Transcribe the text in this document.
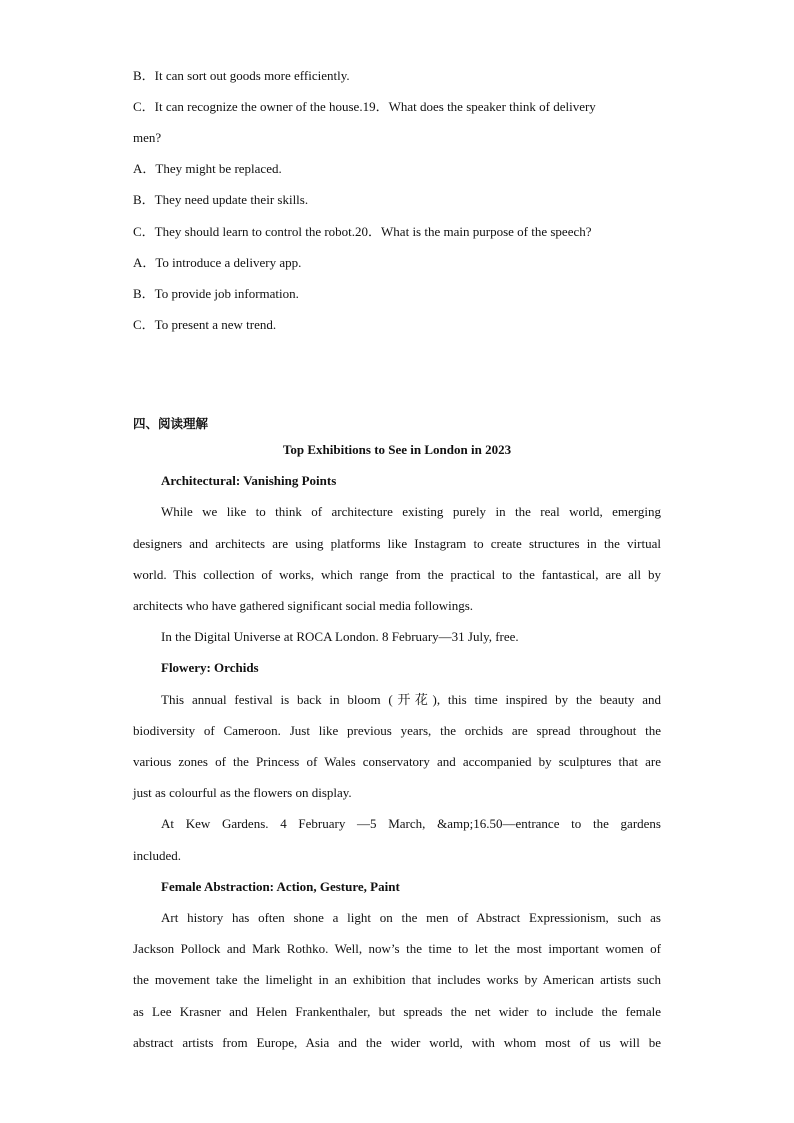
B．It can sort out goods more efficiently.
C．It can recognize the owner of the house.19．What does the speaker think of delivery
men?
A．They might be replaced.
B．They need update their skills.
C．They should learn to control the robot.20．What is the main purpose of the speech?
A．To introduce a delivery app.
B．To provide job information.
C．To present a new trend.
四、阅读理解
Top Exhibitions to See in London in 2023
Architectural: Vanishing Points
While we like to think of architecture existing purely in the real world, emerging
designers and architects are using platforms like Instagram to create structures in the virtual
world. This collection of works, which range from the practical to the fantastical, are all by
architects who have gathered significant social media followings.
In the Digital Universe at ROCA London. 8 February—31 July, free.
Flowery: Orchids
This annual festival is back in bloom (开花), this time inspired by the beauty and
biodiversity of Cameroon. Just like previous years, the orchids are spread throughout the
various zones of the Princess of Wales conservatory and accompanied by sculptures that are
just as colourful as the flowers on display.
At Kew Gardens. 4 February —5 March, &amp;16.50—entrance to the gardens
included.
Female Abstraction: Action, Gesture, Paint
Art history has often shone a light on the men of Abstract Expressionism, such as
Jackson Pollock and Mark Rothko. Well, now’s the time to let the most important women of
the movement take the limelight in an exhibition that includes works by American artists such
as Lee Krasner and Helen Frankenthaler, but spreads the net wider to include the female
abstract artists from Europe, Asia and the wider world, with whom most of us will be
